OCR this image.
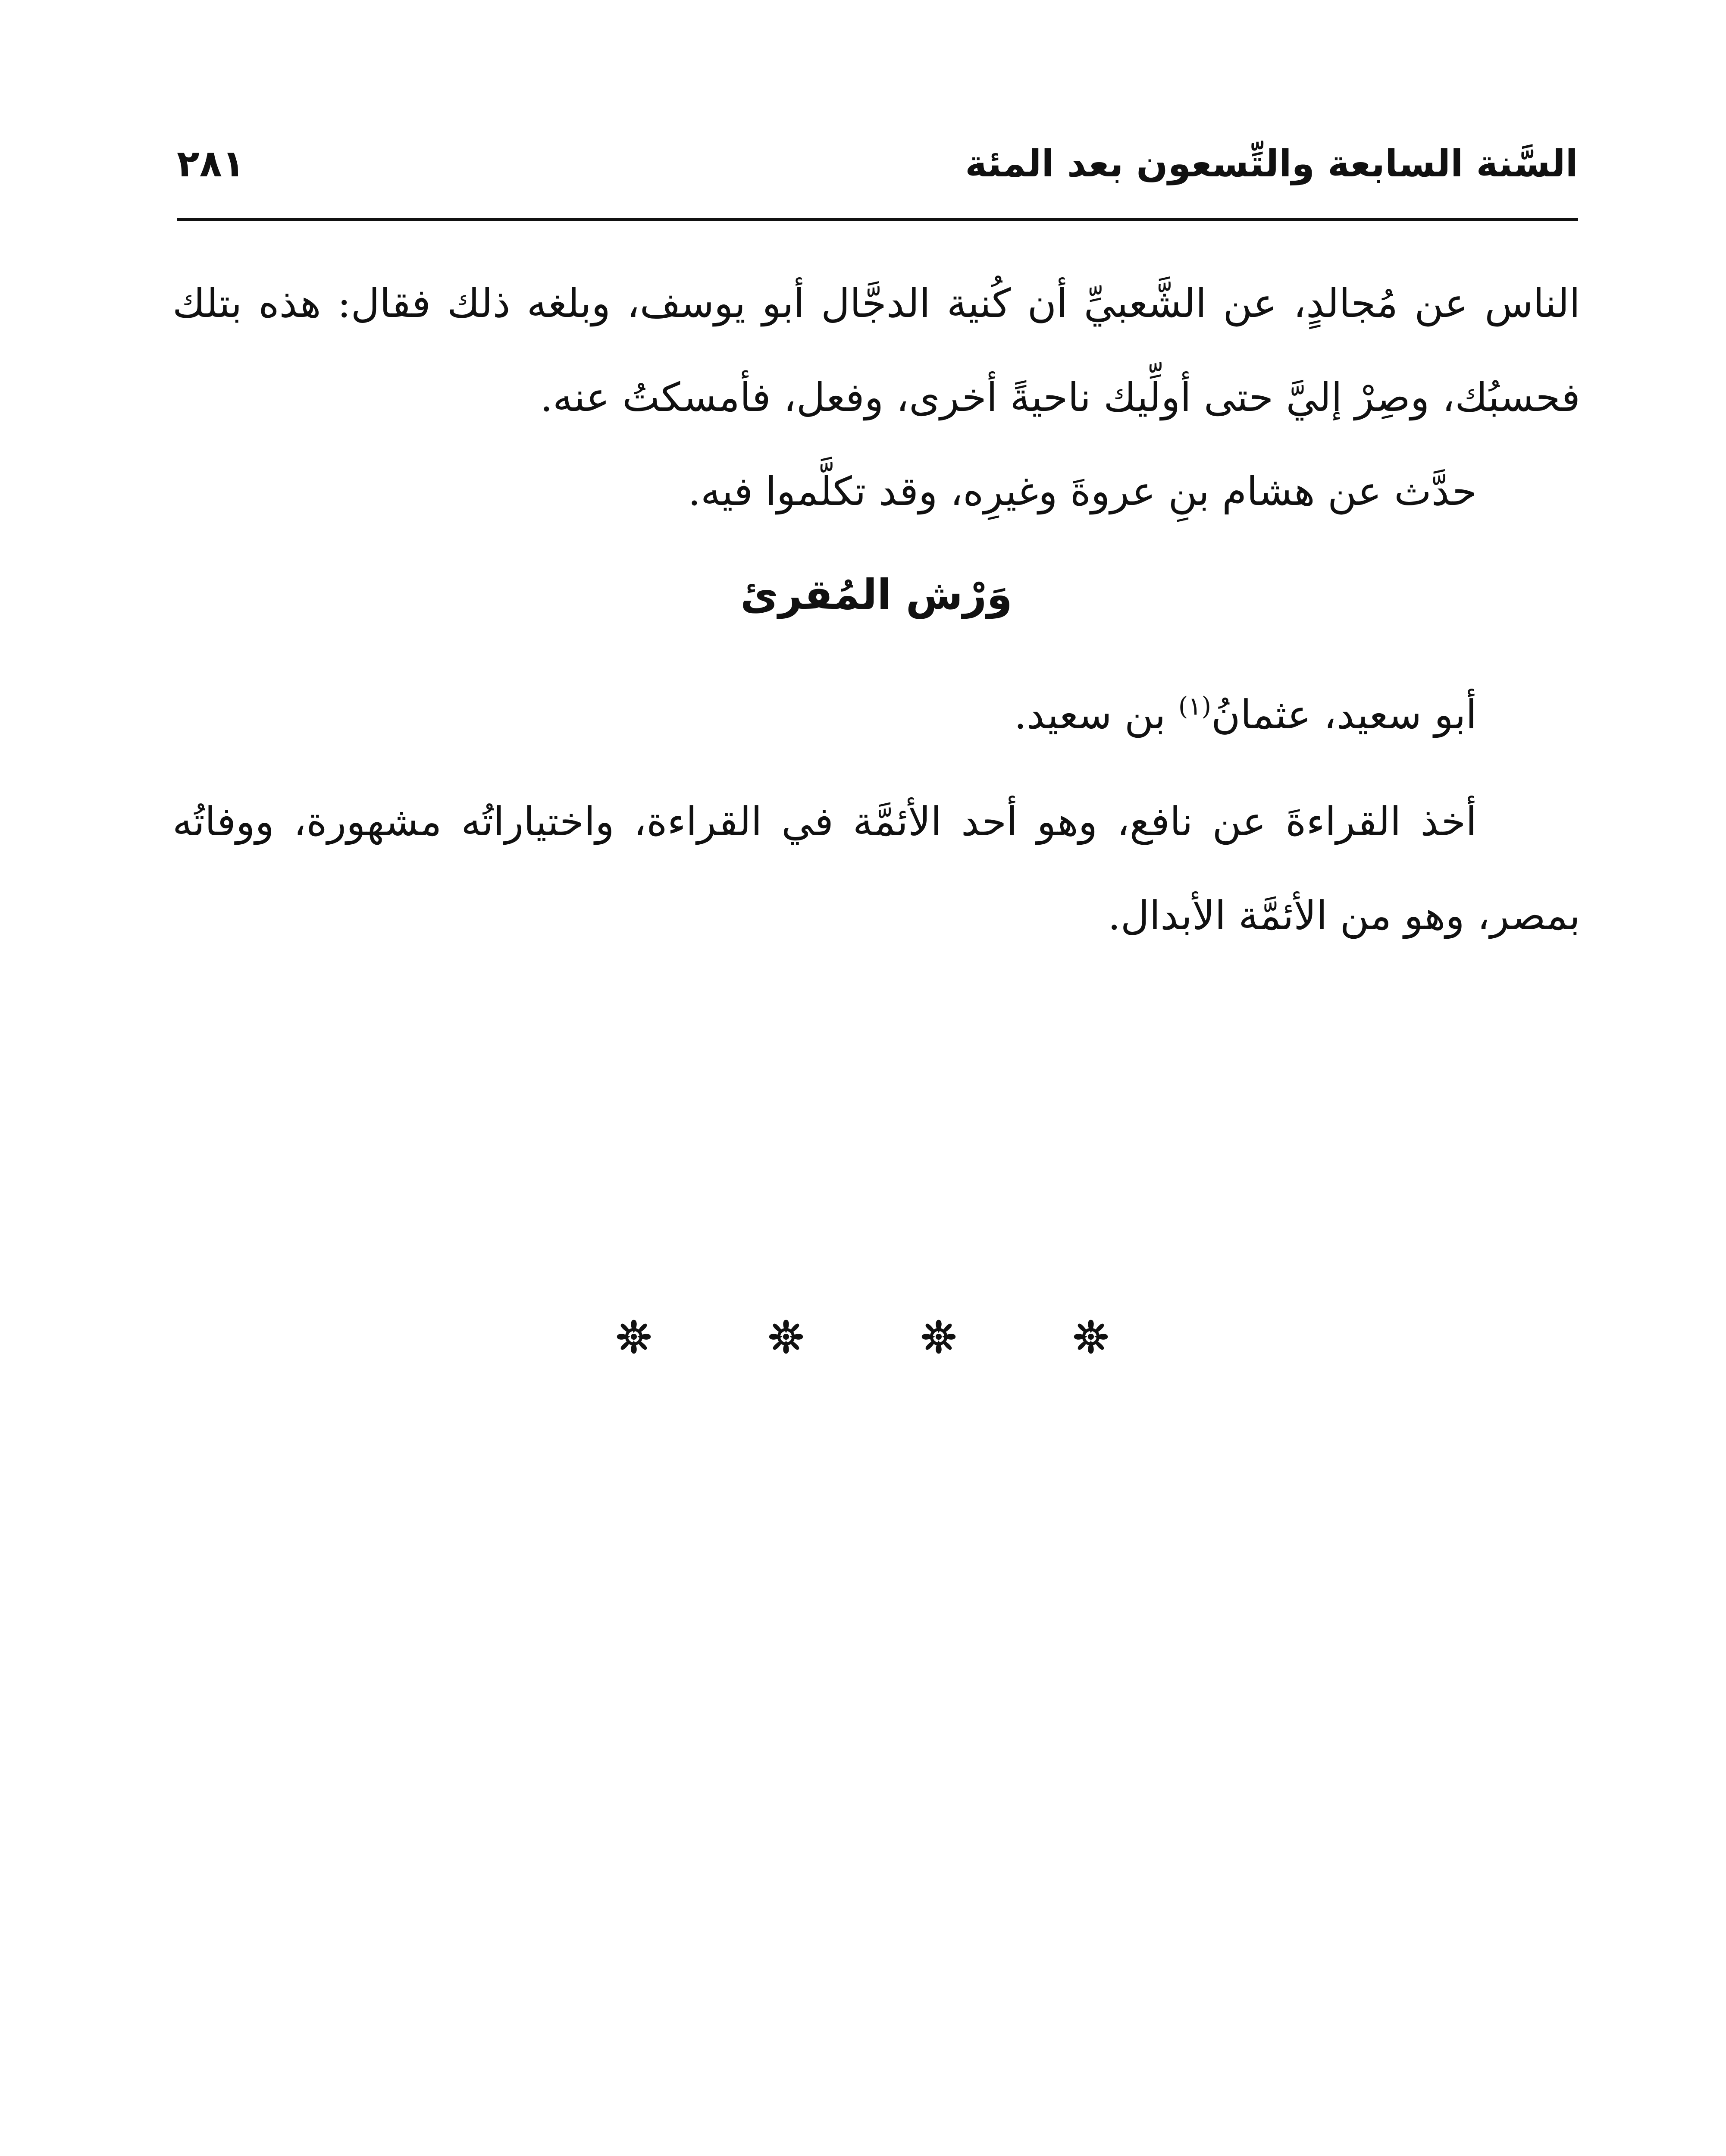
السَّنة السابعة والتِّسعون بعد المئة
٢٨١

الناس عن مُجالدٍ، عن الشَّعبيِّ أن كُنية الدجَّال أبو يوسف، وبلغه ذلك فقال: هذه بتلك فحسبُك، وصِرْ إليَّ حتى أولِّيك ناحيةً أخرى، وفعل، فأمسكتُ عنه.

حدَّث عن هشام بنِ عروةَ وغيرِه، وقد تكلَّموا فيه.

وَرْش المُقرئ

أبو سعيد، عثمانُ$^{(١)}$ بن سعيد.

أخذ القراءةَ عن نافع، وهو أحد الأئمَّة في القراءة، واختياراتُه مشهورة، ووفاتُه بمصر، وهو من الأئمَّة الأبدال.
